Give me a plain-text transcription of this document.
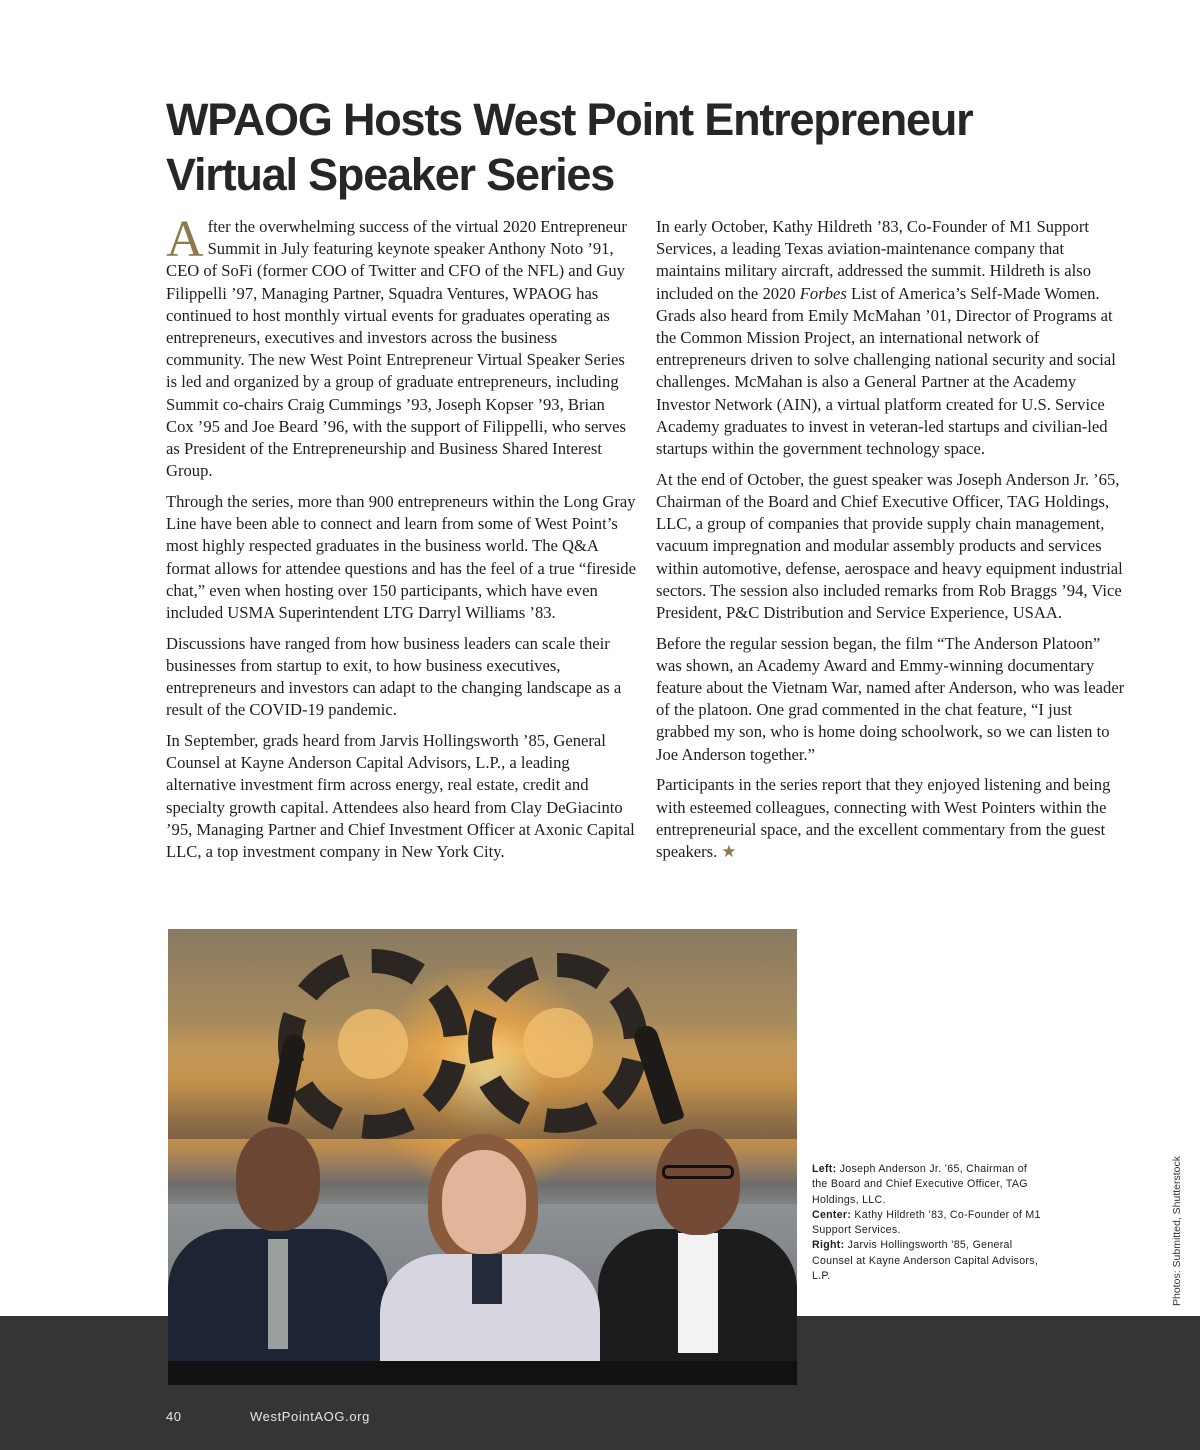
WPAOG Hosts West Point Entrepreneur
Virtual Speaker Series

After the overwhelming success of the virtual 2020 Entrepreneur Summit in July featuring keynote speaker Anthony Noto ’91, CEO of SoFi (former COO of Twitter and CFO of the NFL) and Guy Filippelli ’97, Managing Partner, Squadra Ventures, WPAOG has continued to host monthly virtual events for graduates operating as entrepreneurs, executives and investors across the business community. The new West Point Entrepreneur Virtual Speaker Series is led and organized by a group of graduate entrepreneurs, including Summit co-chairs Craig Cummings ’93, Joseph Kopser ’93, Brian Cox ’95 and Joe Beard ’96, with the support of Filippelli, who serves as President of the Entrepreneurship and Business Shared Interest Group.

Through the series, more than 900 entrepreneurs within the Long Gray Line have been able to connect and learn from some of West Point’s most highly respected graduates in the business world. The Q&A format allows for attendee questions and has the feel of a true “fireside chat,” even when hosting over 150 participants, which have even included USMA Superintendent LTG Darryl Williams ’83.

Discussions have ranged from how business leaders can scale their businesses from startup to exit, to how business executives, entrepreneurs and investors can adapt to the changing landscape as a result of the COVID-19 pandemic.

In September, grads heard from Jarvis Hollingsworth ’85, General Counsel at Kayne Anderson Capital Advisors, L.P., a leading alternative investment firm across energy, real estate, credit and specialty growth capital. Attendees also heard from Clay DeGiacinto ’95, Managing Partner and Chief Investment Officer at Axonic Capital LLC, a top investment company in New York City.

In early October, Kathy Hildreth ’83, Co-Founder of M1 Support Services, a leading Texas aviation-maintenance company that maintains military aircraft, addressed the summit. Hildreth is also included on the 2020 Forbes List of America’s Self-Made Women. Grads also heard from Emily McMahan ’01, Director of Programs at the Common Mission Project, an international network of entrepreneurs driven to solve challenging national security and social challenges. McMahan is also a General Partner at the Academy Investor Network (AIN), a virtual platform created for U.S. Service Academy graduates to invest in veteran-led startups and civilian-led startups within the government technology space.

At the end of October, the guest speaker was Joseph Anderson Jr. ’65, Chairman of the Board and Chief Executive Officer, TAG Holdings, LLC, a group of companies that provide supply chain management, vacuum impregnation and modular assembly products and services within automotive, defense, aerospace and heavy equipment industrial sectors. The session also included remarks from Rob Braggs ’94, Vice President, P&C Distribution and Service Experience, USAA.

Before the regular session began, the film “The Anderson Platoon” was shown, an Academy Award and Emmy-winning documentary feature about the Vietnam War, named after Anderson, who was leader of the platoon. One grad commented in the chat feature, “I just grabbed my son, who is home doing schoolwork, so we can listen to Joe Anderson together.”

Participants in the series report that they enjoyed listening and being with esteemed colleagues, connecting with West Pointers within the entrepreneurial space, and the excellent commentary from the guest speakers. ★

Left: Joseph Anderson Jr. ’65, Chairman of the Board and Chief Executive Officer, TAG Holdings, LLC.
Center: Kathy Hildreth ’83, Co-Founder of M1 Support Services.
Right: Jarvis Hollingsworth ’85, General Counsel at Kayne Anderson Capital Advisors, L.P.	Photos: Submitted, Shutterstock
40	WestPointAOG.org
